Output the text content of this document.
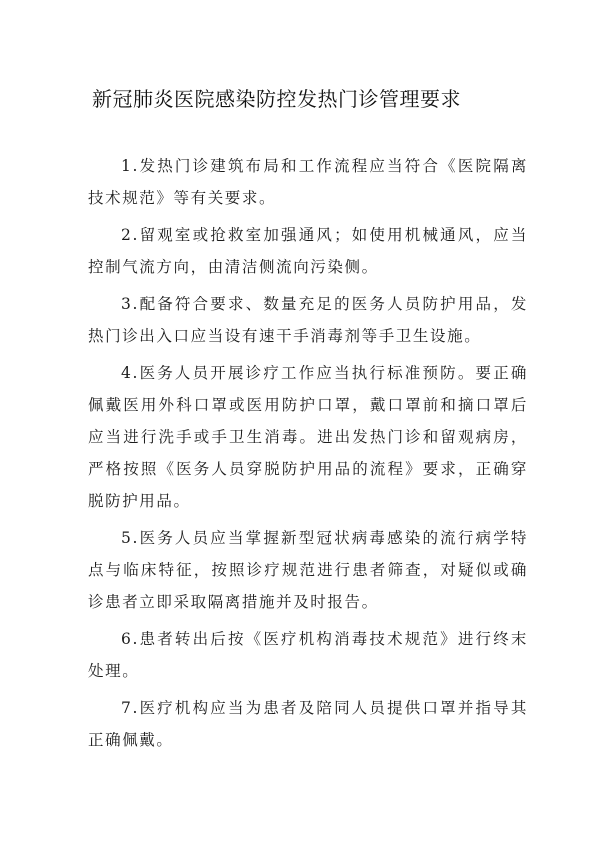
新冠肺炎医院感染防控发热门诊管理要求

1.发热门诊建筑布局和工作流程应当符合《医院隔离技术规范》等有关要求。

2.留观室或抢救室加强通风；如使用机械通风，应当控制气流方向，由清洁侧流向污染侧。

3.配备符合要求、数量充足的医务人员防护用品，发热门诊出入口应当设有速干手消毒剂等手卫生设施。

4.医务人员开展诊疗工作应当执行标准预防。要正确佩戴医用外科口罩或医用防护口罩，戴口罩前和摘口罩后应当进行洗手或手卫生消毒。进出发热门诊和留观病房，严格按照《医务人员穿脱防护用品的流程》要求，正确穿脱防护用品。

5.医务人员应当掌握新型冠状病毒感染的流行病学特点与临床特征，按照诊疗规范进行患者筛查，对疑似或确诊患者立即采取隔离措施并及时报告。

6.患者转出后按《医疗机构消毒技术规范》进行终末处理。

7.医疗机构应当为患者及陪同人员提供口罩并指导其正确佩戴。
